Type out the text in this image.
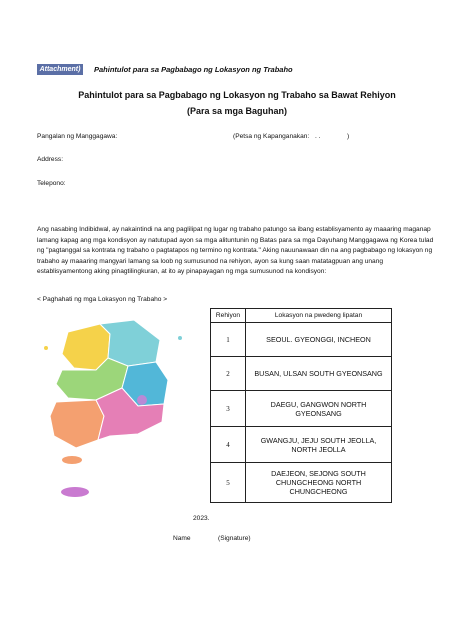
Attachment)	Pahintulot para sa Pagbabago ng Lokasyon ng Trabaho
Pahintulot para sa Pagbabago ng Lokasyon ng Trabaho sa Bawat Rehiyon
(Para sa mga Baguhan)
Pangalan ng Manggagawa:	(Petsa ng Kapanganakan: . .	)
Address:
Telepono:
Ang nasabing Indibidwal, ay nakaintindi na ang paglilipat ng lugar ng trabaho patungo sa ibang establisyamento ay maaaring maganap lamang kapag ang mga kondisyon ay natutupad ayon sa mga alituntunin ng Batas para sa mga Dayuhang Manggagawa ng Korea tulad ng "pagtanggal sa kontrata ng trabaho o pagtatapos ng termino ng kontrata." Aking nauunawaan din na ang pagbabago ng lokasyon ng trabaho ay maaaring mangyari lamang sa loob ng sumusunod na rehiyon, ayon sa kung saan matatagpuan ang unang establisyamentong aking pinagtilingkuran, at ito ay pinapayagan ng mga sumusunod na kondisyon:
< Paghahati ng mga Lokasyon ng Trabaho >
Rehiyon	Lokasyon na pwedeng lipatan
1	SEOUL. GYEONGGI, INCHEON
2	BUSAN, ULSAN SOUTH GYEONSANG
3	DAEGU, GANGWON NORTH GYEONSANG
4	GWANGJU, JEJU SOUTH JEOLLA, NORTH JEOLLA
5	DAEJEON, SEJONG SOUTH CHUNGCHEONG NORTH CHUNGCHEONG
2023.
Name	(Signature)
